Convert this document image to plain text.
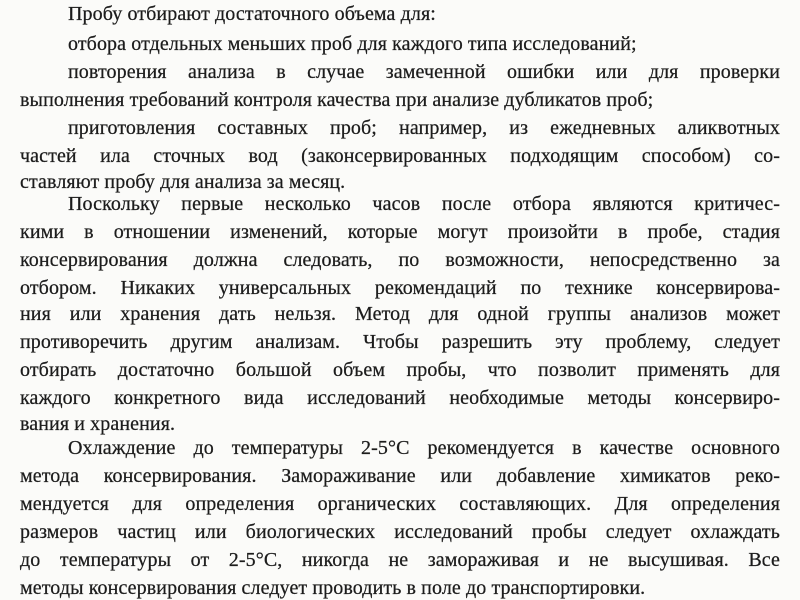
Пробу отбирают достаточного объема для:
отбора отдельных меньших проб для каждого типа исследований;
повторения анализа в случае замеченной ошибки или для проверки
выполнения требований контроля качества при анализе дубликатов проб;
приготовления составных проб; например, из ежедневных аликвотных
частей ила сточных вод (законсервированных подходящим способом) со-
ставляют пробу для анализа за месяц.
Поскольку первые несколько часов после отбора являются критичес-
кими в отношении изменений, которые могут произойти в пробе, стадия
консервирования должна следовать, по возможности, непосредственно за
отбором. Никаких универсальных рекомендаций по технике консервирова-
ния или хранения дать нельзя. Метод для одной группы анализов может
противоречить другим анализам. Чтобы разрешить эту проблему, следует
отбирать достаточно большой объем пробы, что позволит применять для
каждого конкретного вида исследований необходимые методы консервиро-
вания и хранения.
Охлаждение до температуры 2-5°С рекомендуется в качестве основного
метода консервирования. Замораживание или добавление химикатов реко-
мендуется для определения органических составляющих. Для определения
размеров частиц или биологических исследований пробы следует охлаждать
до температуры от 2-5°С, никогда не замораживая и не высушивая. Все
методы консервирования следует проводить в поле до транспортировки.
